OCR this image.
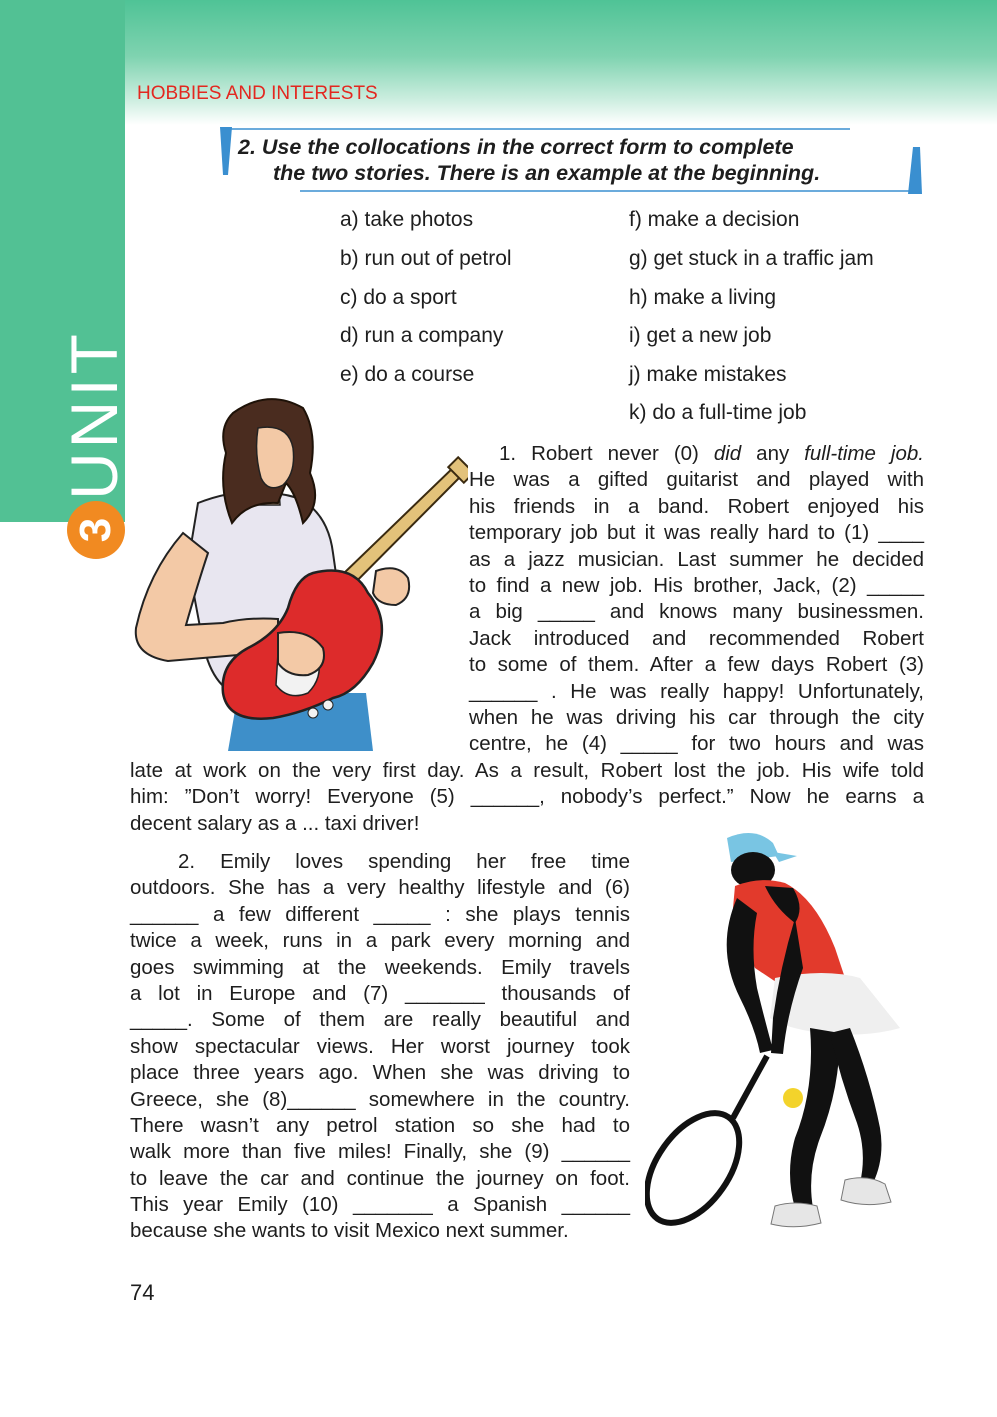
UNIT
3
HOBBIES AND INTERESTS
2. Use the collocations in the correct form to complete
the two stories. There is an example at the beginning.
a) take photos
b) run out of petrol
c) do a sport
d) run a company
e) do a course
f) make a decision
g) get stuck in a traffic jam
h) make a living
i) get a new job
j) make mistakes
k) do a full-time job
1. Robert never (0) did any full-time job.
He was a gifted guitarist and played with
his friends in a band. Robert enjoyed his
temporary job but it was really hard to (1) ____
as a jazz musician. Last summer he decided
to find a new job. His brother, Jack, (2) _____
a big _____ and knows many businessmen.
Jack introduced and recommended Robert
to some of them. After a few days Robert (3)
______ . He was really happy! Unfortunately,
when he was driving his car through the city
centre, he (4) _____ for two hours and was
late at work on the very first day. As a result, Robert lost the job. His wife told
him: ”Don’t worry! Everyone (5) ______, nobody’s perfect.” Now he earns a
decent salary as a ... taxi driver!
2. Emily loves spending her free time
outdoors. She has a very healthy lifestyle and (6)
______ a few different _____ : she plays tennis
twice a week, runs in a park every morning and
goes swimming at the weekends. Emily travels
a lot in Europe and (7) _______ thousands of
_____. Some of them are really beautiful and
show spectacular views. Her worst journey took
place three years ago. When she was driving to
Greece, she (8)______ somewhere in the country.
There wasn’t any petrol station so she had to
walk more than five miles! Finally, she (9) ______
to leave the car and continue the journey on foot.
This year Emily (10) _______ a Spanish ______
because she wants to visit Mexico next summer.
74
